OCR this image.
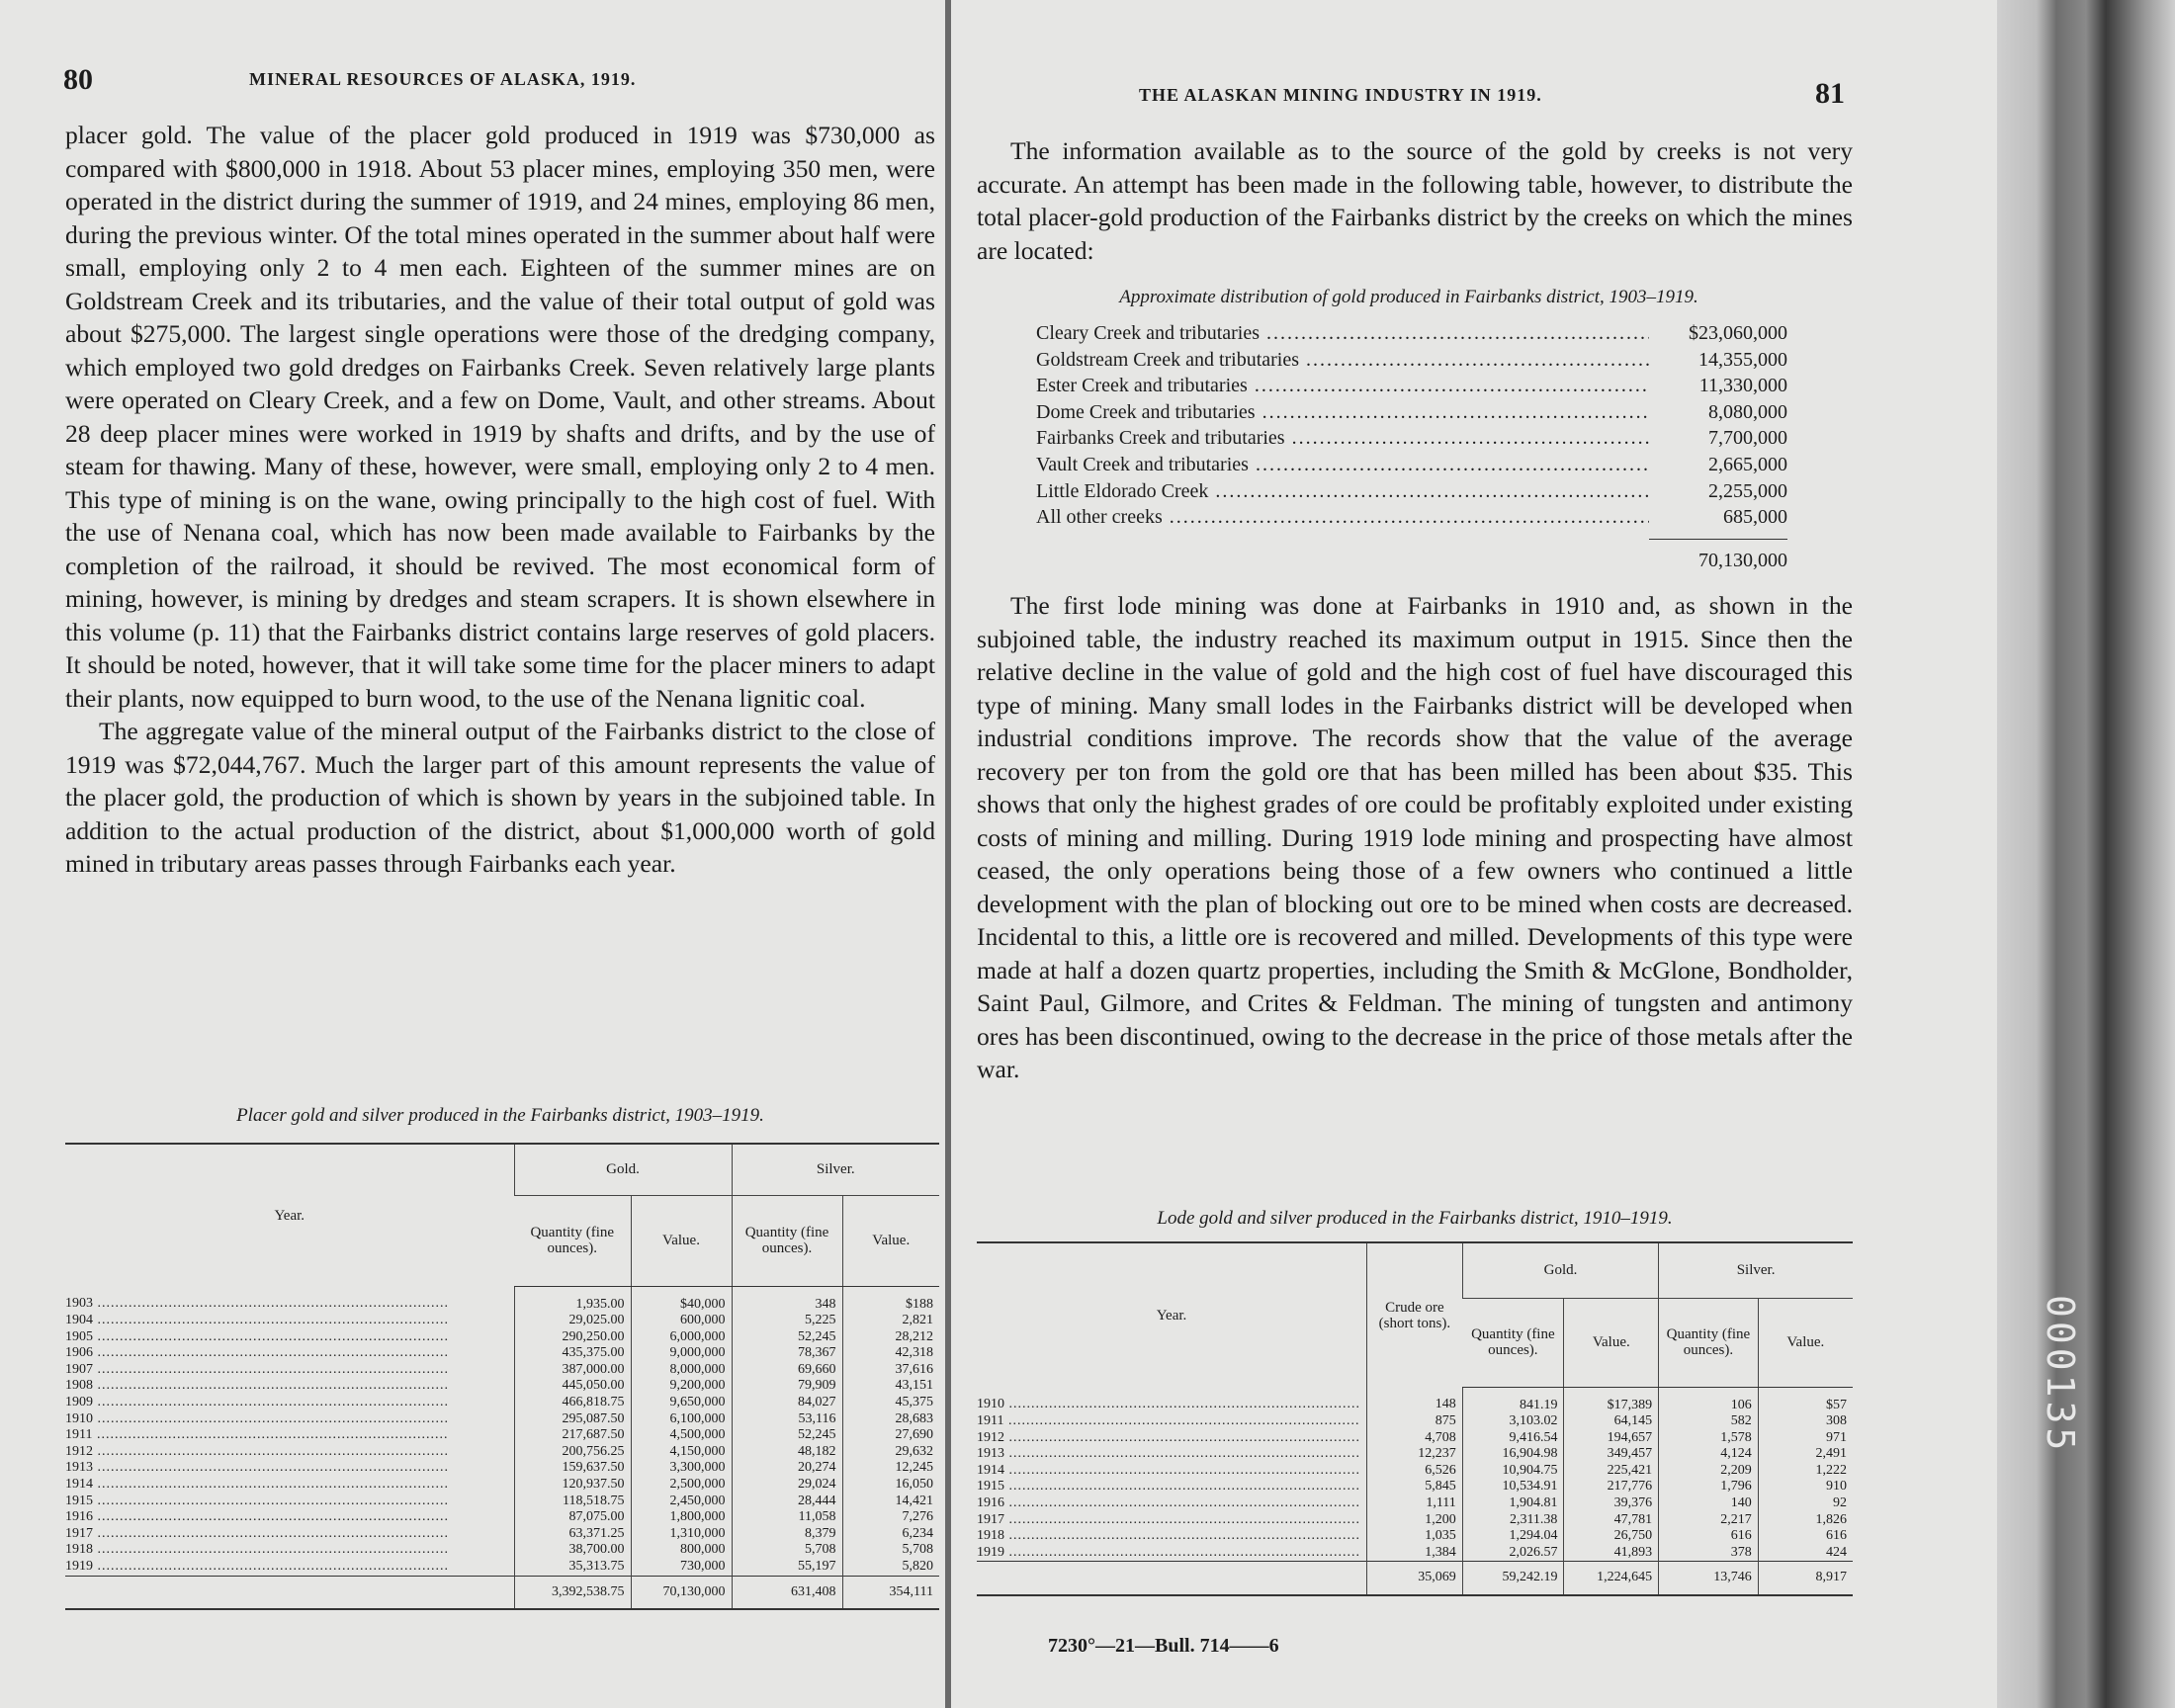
000135
80	MINERAL RESOURCES OF ALASKA, 1919.

placer gold. The value of the placer gold produced in 1919 was $730,000 as compared with $800,000 in 1918. About 53 placer mines, employing 350 men, were operated in the district during the summer of 1919, and 24 mines, employing 86 men, during the previous winter. Of the total mines operated in the summer about half were small, employing only 2 to 4 men each. Eighteen of the summer mines are on Goldstream Creek and its tributaries, and the value of their total output of gold was about $275,000. The largest single operations were those of the dredging company, which employed two gold dredges on Fairbanks Creek. Seven relatively large plants were operated on Cleary Creek, and a few on Dome, Vault, and other streams. About 28 deep placer mines were worked in 1919 by shafts and drifts, and by the use of steam for thawing. Many of these, however, were small, employing only 2 to 4 men. This type of mining is on the wane, owing principally to the high cost of fuel. With the use of Nenana coal, which has now been made available to Fairbanks by the completion of the railroad, it should be revived. The most economical form of mining, however, is mining by dredges and steam scrapers. It is shown elsewhere in this volume (p. 11) that the Fairbanks district contains large reserves of gold placers. It should be noted, however, that it will take some time for the placer miners to adapt their plants, now equipped to burn wood, to the use of the Nenana lignitic coal.

The aggregate value of the mineral output of the Fairbanks district to the close of 1919 was $72,044,767. Much the larger part of this amount represents the value of the placer gold, the production of which is shown by years in the subjoined table. In addition to the actual production of the district, about $1,000,000 worth of gold mined in tributary areas passes through Fairbanks each year.

Placer gold and silver produced in the Fairbanks district, 1903–1919.
Year.	Gold.		Silver.	
	Quantity (fine ounces).	Value.	Quantity (fine ounces).	Value.
1903 .....	1,935.00	$40,000	348	$188
1904 .....	29,025.00	600,000	5,225	2,821
1905 .....	290,250.00	6,000,000	52,245	28,212
1906 .....	435,375.00	9,000,000	78,367	42,318
1907 .....	387,000.00	8,000,000	69,660	37,616
1908 .....	445,050.00	9,200,000	79,909	43,151
1909 .....	466,818.75	9,650,000	84,027	45,375
1910 .....	295,087.50	6,100,000	53,116	28,683
1911 .....	217,687.50	4,500,000	52,245	27,690
1912 .....	200,756.25	4,150,000	48,182	29,632
1913 .....	159,637.50	3,300,000	20,274	12,245
1914 .....	120,937.50	2,500,000	29,024	16,050
1915 .....	118,518.75	2,450,000	28,444	14,421
1916 .....	87,075.00	1,800,000	11,058	7,276
1917 .....	63,371.25	1,310,000	8,379	6,234
1918 .....	38,700.00	800,000	5,708	5,708
1919 .....	35,313.75	730,000	55,197	5,820
	3,392,538.75	70,130,000	631,408	354,111
THE ALASKAN MINING INDUSTRY IN 1919.	81

The information available as to the source of the gold by creeks is not very accurate. An attempt has been made in the following table, however, to distribute the total placer-gold production of the Fairbanks district by the creeks on which the mines are located:

Approximate distribution of gold produced in Fairbanks district, 1903–1919.
Cleary Creek and tributaries .....	$23,060,000
Goldstream Creek and tributaries .....	14,355,000
Ester Creek and tributaries .....	11,330,000
Dome Creek and tributaries .....	8,080,000
Fairbanks Creek and tributaries .....	7,700,000
Vault Creek and tributaries .....	2,665,000
Little Eldorado Creek .....	2,255,000
All other creeks .....	685,000
70,130,000

The first lode mining was done at Fairbanks in 1910 and, as shown in the subjoined table, the industry reached its maximum output in 1915. Since then the relative decline in the value of gold and the high cost of fuel have discouraged this type of mining. Many small lodes in the Fairbanks district will be developed when industrial conditions improve. The records show that the value of the average recovery per ton from the gold ore that has been milled has been about $35. This shows that only the highest grades of ore could be profitably exploited under existing costs of mining and milling. During 1919 lode mining and prospecting have almost ceased, the only operations being those of a few owners who continued a little development with the plan of blocking out ore to be mined when costs are decreased. Incidental to this, a little ore is recovered and milled. Developments of this type were made at half a dozen quartz properties, including the Smith & McGlone, Bondholder, Saint Paul, Gilmore, and Crites & Feldman. The mining of tungsten and antimony ores has been discontinued, owing to the decrease in the price of those metals after the war.

Lode gold and silver produced in the Fairbanks district, 1910–1919.
Year.	Crude ore (short tons).	Gold.		Silver.	
		Quantity (fine ounces).	Value.	Quantity (fine ounces).	Value.
1910 .....	148	841.19	$17,389	106	$57
1911 .....	875	3,103.02	64,145	582	308
1912 .....	4,708	9,416.54	194,657	1,578	971
1913 .....	12,237	16,904.98	349,457	4,124	2,491
1914 .....	6,526	10,904.75	225,421	2,209	1,222
1915 .....	5,845	10,534.91	217,776	1,796	910
1916 .....	1,111	1,904.81	39,376	140	92
1917 .....	1,200	2,311.38	47,781	2,217	1,826
1918 .....	1,035	1,294.04	26,750	616	616
1919 .....	1,384	2,026.57	41,893	378	424
	35,069	59,242.19	1,224,645	13,746	8,917
7230°—21—Bull. 714——6
